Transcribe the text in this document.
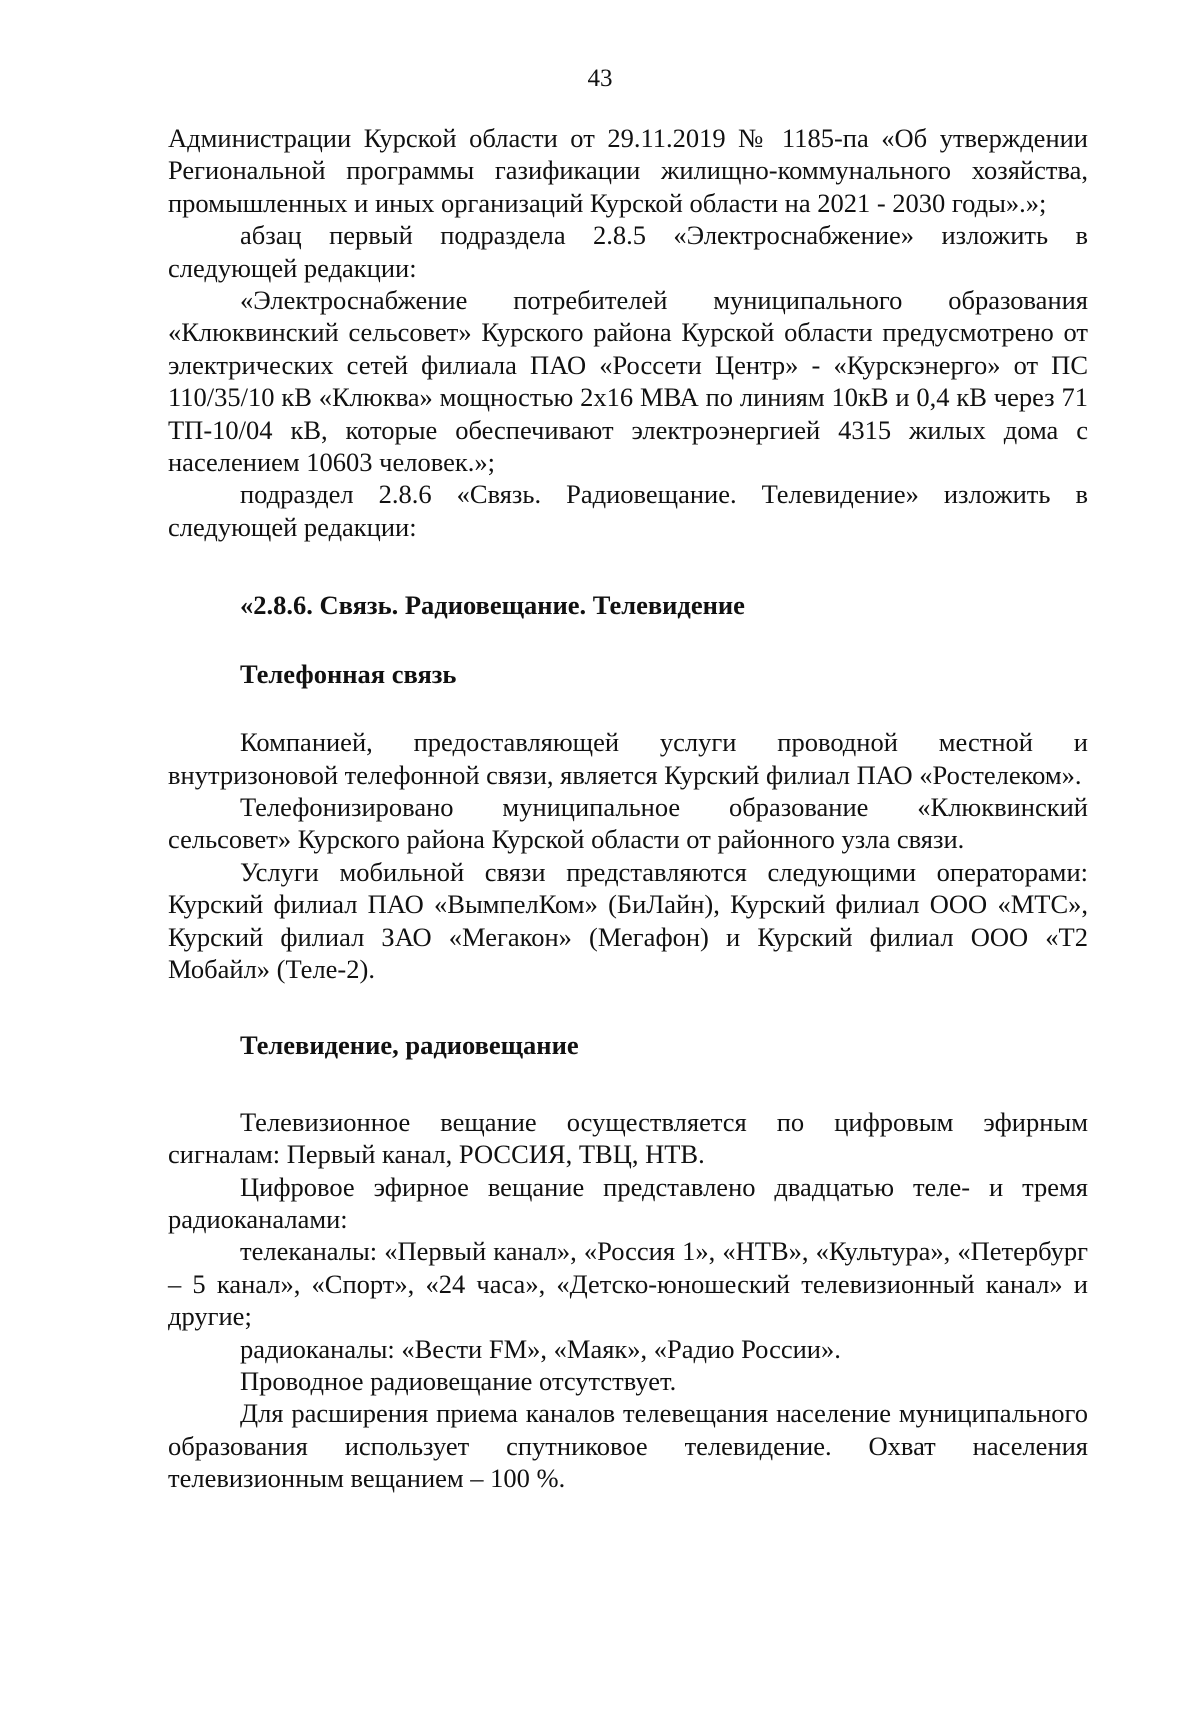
43

Администрации Курской области от 29.11.2019 № 1185-па «Об утверждении Региональной программы газификации жилищно-коммунального хозяйства, промышленных и иных организаций Курской области на 2021 - 2030 годы».»;

абзац первый подраздела 2.8.5 «Электроснабжение» изложить в следующей редакции:

«Электроснабжение потребителей муниципального образования «Клюквинский сельсовет» Курского района Курской области предусмотрено от электрических сетей филиала ПАО «Россети Центр» - «Курскэнерго» от ПС 110/35/10 кВ «Клюква» мощностью 2х16 МВА по линиям 10кВ и 0,4 кВ через 71 ТП-10/04 кВ, которые обеспечивают электроэнергией 4315 жилых дома с населением 10603 человек.»;

подраздел 2.8.6 «Связь. Радиовещание. Телевидение» изложить в следующей редакции:

«2.8.6. Связь. Радиовещание. Телевидение

Телефонная связь

Компанией, предоставляющей услуги проводной местной и внутризоновой телефонной связи, является Курский филиал ПАО «Ростелеком».

Телефонизировано муниципальное образование «Клюквинский сельсовет» Курского района Курской области от районного узла связи.

Услуги мобильной связи представляются следующими операторами: Курский филиал ПАО «ВымпелКом» (БиЛайн), Курский филиал ООО «МТС», Курский филиал ЗАО «Мегакон» (Мегафон) и Курский филиал ООО «Т2 Мобайл» (Теле-2).

Телевидение, радиовещание

Телевизионное вещание осуществляется по цифровым эфирным сигналам: Первый канал, РОССИЯ, ТВЦ, НТВ.

Цифровое эфирное вещание представлено двадцатью теле- и тремя радиоканалами:

телеканалы: «Первый канал», «Россия 1», «НТВ», «Культура», «Петербург – 5 канал», «Спорт», «24 часа», «Детско-юношеский телевизионный канал» и другие;

радиоканалы: «Вести FM», «Маяк», «Радио России».

Проводное радиовещание отсутствует.

Для расширения приема каналов телевещания население муниципального образования использует спутниковое телевидение. Охват населения телевизионным вещанием – 100 %.
